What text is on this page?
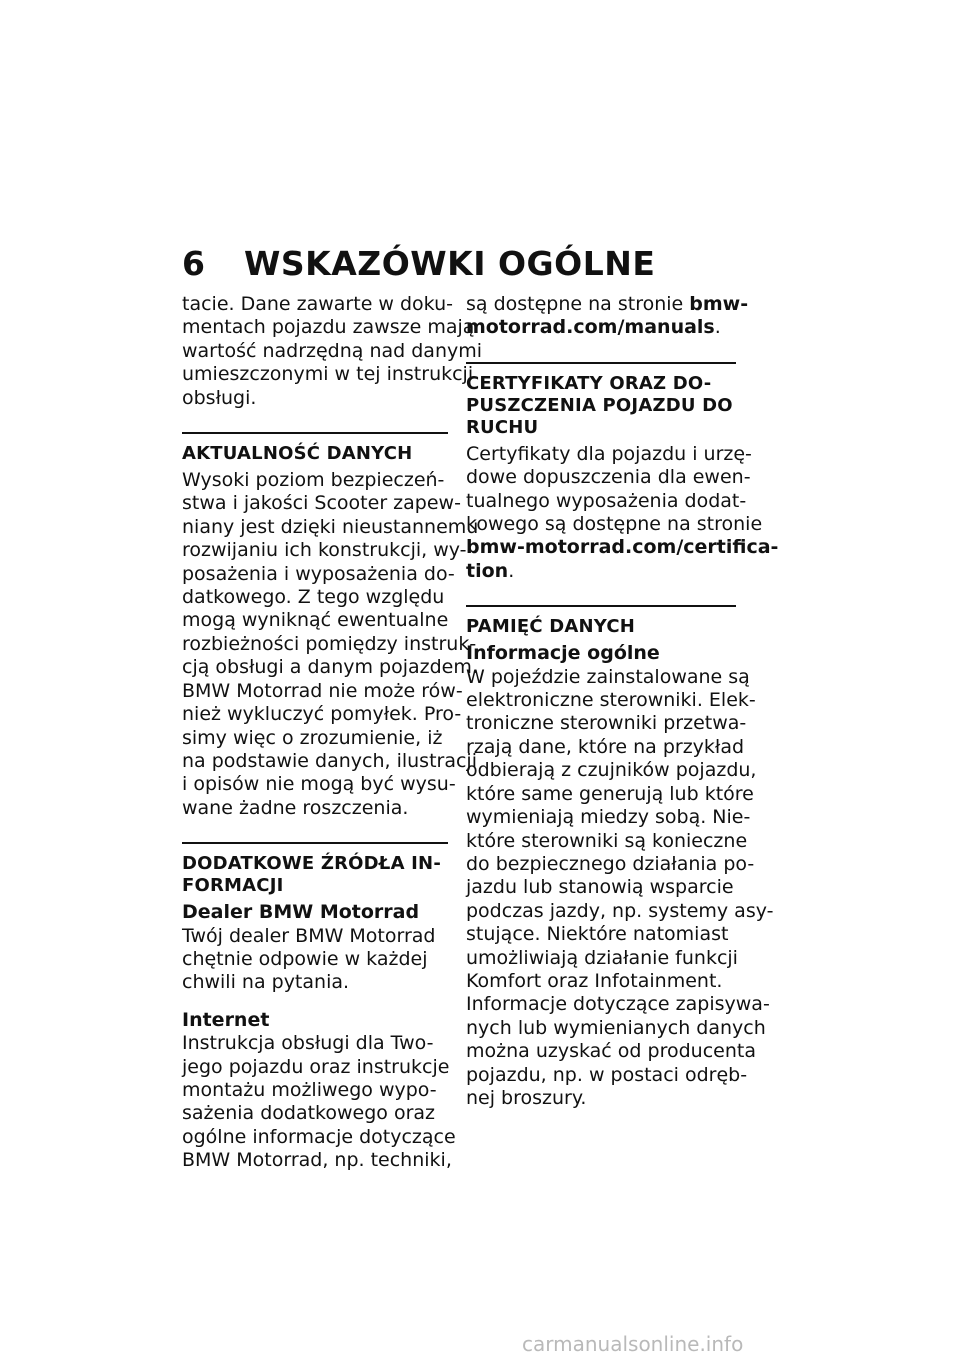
6 WSKAZÓWKI OGÓLNE

tacie. Dane zawarte w doku-
mentach pojazdu zawsze mają
wartość nadrzędną nad danymi
umieszczonymi w tej instrukcji
obsługi.

AKTUALNOŚĆ DANYCH

Wysoki poziom bezpieczeń-
stwa i jakości Scooter zapew-
niany jest dzięki nieustannemu
rozwijaniu ich konstrukcji, wy-
posażenia i wyposażenia do-
datkowego. Z tego względu
mogą wyniknąć ewentualne
rozbieżności pomiędzy instruk-
cją obsługi a danym pojazdem.
BMW Motorrad nie może rów-
nież wykluczyć pomyłek. Pro-
simy więc o zrozumienie, iż
na podstawie danych, ilustracji
i opisów nie mogą być wysu-
wane żadne roszczenia.

DODATKOWE ŹRÓDŁA IN-
FORMACJI
Dealer BMW Motorrad

Twój dealer BMW Motorrad
chętnie odpowie w każdej
chwili na pytania.

Internet

Instrukcja obsługi dla Two-
jego pojazdu oraz instrukcje
montażu możliwego wypo-
sażenia dodatkowego oraz
ogólne informacje dotyczące
BMW Motorrad, np. techniki,

są dostępne na stronie bmw-
motorrad.com/manuals.

CERTYFIKATY ORAZ DO-
PUSZCZENIA POJAZDU DO
RUCHU

Certyfikaty dla pojazdu i urzę-
dowe dopuszczenia dla ewen-
tualnego wyposażenia dodat-
kowego są dostępne na stronie
bmw-motorrad.com/certifica-
tion.

PAMIĘĆ DANYCH
Informacje ogólne

W pojeździe zainstalowane są
elektroniczne sterowniki. Elek-
troniczne sterowniki przetwa-
rzają dane, które na przykład
odbierają z czujników pojazdu,
które same generują lub które
wymieniają miedzy sobą. Nie-
które sterowniki są konieczne
do bezpiecznego działania po-
jazdu lub stanowią wsparcie
podczas jazdy, np. systemy asy-
stujące. Niektóre natomiast
umożliwiają działanie funkcji
Komfort oraz Infotainment.
Informacje dotyczące zapisywa-
nych lub wymienianych danych
można uzyskać od producenta
pojazdu, np. w postaci odręb-
nej broszury.

carmanualsonline.info
